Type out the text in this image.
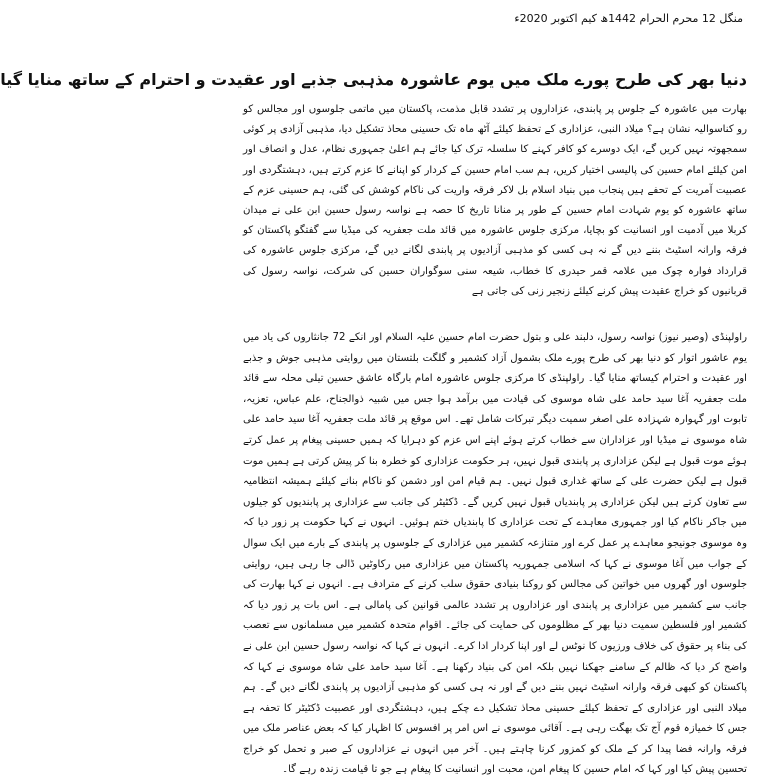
منگل 12 محرم الحرام 1442ھ کیم اکتوبر 2020ء
دنیا بھر کی طرح پورے ملک میں یوم عاشورہ مذہبی جذبے اور عقیدت و احترام کے ساتھ منایا گیا
بھارت میں عاشورہ کے جلوس پر پابندی، عزاداروں پر تشدد قابل مذمت، پاکستان میں ماتمی جلوسوں اور مجالس کو رو کناسوالیہ نشان ہے؟ میلاد النبی، عزاداری کے تحفظ کیلئے آٹھ ماہ تک حسینی محاذ تشکیل دیا، مذہبی آزادی پر کوئی سمجھوتہ نہیں کریں گے، ایک دوسرے کو کافر کہنے کا سلسلہ ترک کیا جائے ہم اعلیٰ جمہوری نظام، عدل و انصاف اور امن کیلئے امام حسین کی پالیسی اختیار کریں، ہم سب امام حسین کے کردار کو اپنانے کا عزم کرتے ہیں، دہشتگردی اور عصبیت آمریت کے تحفے ہیں پنجاب میں بنیاد اسلام بل لاکر فرقہ واریت کی ناکام کوشش کی گئی، ہم حسینی عزم کے ساتھ عاشورہ کو یوم شہادت امام حسین کے طور پر منانا تاریخ کا حصہ ہے نواسہ رسول حسین ابن علی نے میدان کربلا میں آدمیت اور انسانیت کو بچایا، مرکزی جلوس عاشورہ میں قائد ملت جعفریہ کی میڈیا سے گفتگو پاکستان کو فرقہ وارانہ اسٹیٹ بننے دیں گے نہ ہی کسی کو مذہبی آزادیوں پر پابندی لگانے دیں گے، مرکزی جلوس عاشورہ کی قرارداد فوارہ چوک میں علامہ قمر حیدری کا خطاب، شیعہ سنی سوگواران حسین کی شرکت، نواسہ رسول کی قربانیوں کو خراج عقیدت پیش کرنے کیلئے زنجیر زنی کی جاتی ہے
راولپنڈی (وصیر نیوز) نواسہ رسول، دلبند علی و بتول حضرت امام حسین علیہ السلام اور انکے 72 جانثاروں کی یاد میں یوم عاشور اتوار کو دنیا بھر کی طرح پورے ملک بشمول آزاد کشمیر و گلگت بلتستان میں روایتی مذہبی جوش و جذبے اور عقیدت و احترام کیساتھ منایا گیا۔ راولپنڈی کا مرکزی جلوس عاشورہ امام بارگاہ عاشق حسین تیلی محلہ سے قائد ملت جعفریہ آغا سید حامد علی شاہ موسوی کی قیادت میں برآمد ہوا جس میں شبیہ ذوالجناح، علم عباس، تعزیہ، تابوت اور گہوارہ شہزادہ علی اصغر سمیت دیگر تبرکات شامل تھے۔ اس موقع پر قائد ملت جعفریہ آغا سید حامد علی شاہ موسوی نے میڈیا اور عزاداران سے خطاب کرتے ہوئے اپنے اس عزم کو دہرایا کہ ہمیں حسینی پیغام پر عمل کرتے ہوئے موت قبول ہے لیکن عزاداری پر پابندی قبول نہیں، ہر حکومت عزاداری کو خطرہ بنا کر پیش کرتی ہے ہمیں موت قبول ہے لیکن حضرت علی کے ساتھ غداری قبول نہیں۔ ہم قیام امن اور دشمن کو ناکام بنانے کیلئے ہمیشہ انتظامیہ سے تعاون کرتے ہیں لیکن عزاداری پر پابندیاں قبول نہیں کریں گے۔ ڈکٹیٹر کی جانب سے عزاداری پر پابندیوں کو جیلوں میں جاکر ناکام کیا اور جمہوری معاہدے کے تحت عزاداری کا پابندیاں ختم ہوئیں۔ انہوں نے کہا حکومت پر زور دیا کہ وہ موسوی جونیجو معاہدے پر عمل کرے اور متنازعہ کشمیر میں عزاداری کے جلوسوں پر پابندی کے بارے میں ایک سوال کے جواب میں آغا موسوی نے کہا کہ اسلامی جمہوریہ پاکستان میں عزاداری میں رکاوٹیں ڈالی جا رہی ہیں، روایتی جلوسوں اور گھروں میں خواتین کی مجالس کو روکنا بنیادی حقوق سلب کرنے کے مترادف ہے۔ انہوں نے کہا بھارت کی جانب سے کشمیر میں عزاداری پر پابندی اور عزاداروں پر تشدد عالمی قوانین کی پامالی ہے۔ اس بات پر زور دیا کہ کشمیر اور فلسطین سمیت دنیا بھر کے مظلوموں کی حمایت کی جائے۔ اقوام متحدہ کشمیر میں مسلمانوں سے تعصب کی بناء پر حقوق کی خلاف ورزیوں کا نوٹس لے اور اپنا کردار ادا کرے۔ انہوں نے کہا کہ نواسہ رسول حسین ابن علی نے واضح کر دیا کہ ظالم کے سامنے جھکنا نہیں بلکہ امن کی بنیاد رکھنا ہے۔ آغا سید حامد علی شاہ موسوی نے کہا کہ پاکستان کو کبھی فرقہ وارانہ اسٹیٹ نہیں بننے دیں گے اور نہ ہی کسی کو مذہبی آزادیوں پر پابندی لگانے دیں گے۔ ہم میلاد النبی اور عزاداری کے تحفظ کیلئے حسینی محاذ تشکیل دے چکے ہیں، دہشتگردی اور عصبیت ڈکٹیٹر کا تحفہ ہے جس کا خمیازہ قوم آج تک بھگت رہی ہے۔ آقائی موسوی نے اس امر پر افسوس کا اظہار کیا کہ بعض عناصر ملک میں فرقہ وارانہ فضا پیدا کر کے ملک کو کمزور کرنا چاہتے ہیں۔ آخر میں انہوں نے عزاداروں کے صبر و تحمل کو خراج تحسین پیش کیا اور کہا کہ امام حسین کا پیغام امن، محبت اور انسانیت کا پیغام ہے جو تا قیامت زندہ رہے گا۔
